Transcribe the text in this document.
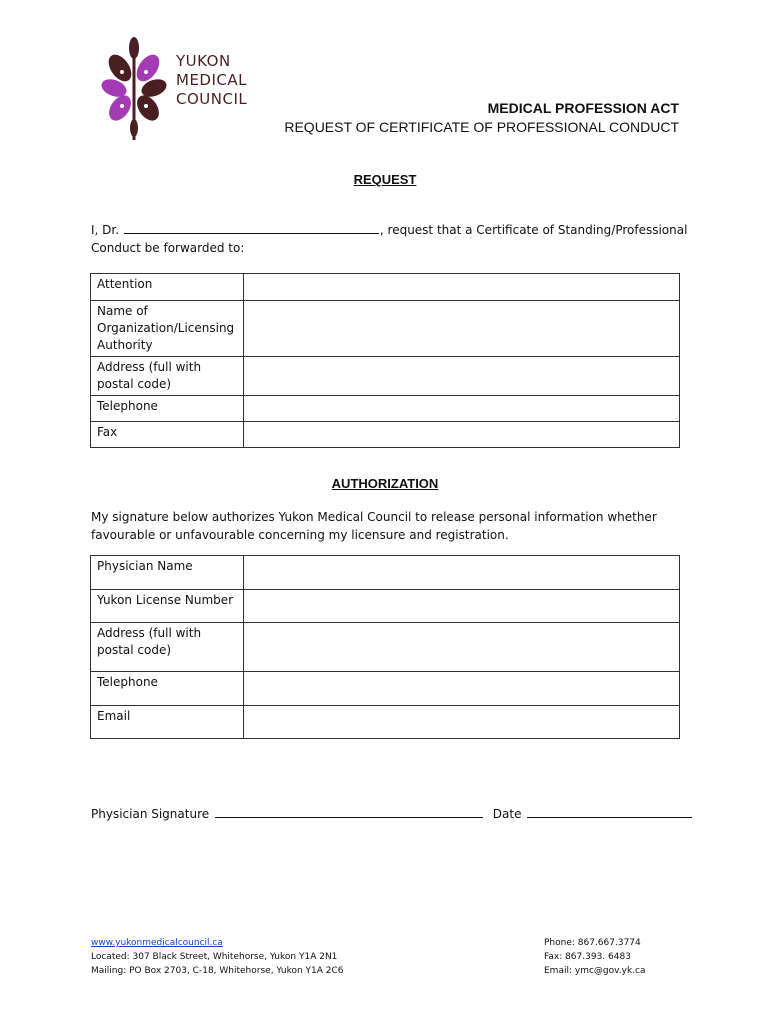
YUKON
MEDICAL
COUNCIL	MEDICAL PROFESSION ACT
REQUEST OF CERTIFICATE OF PROFESSIONAL CONDUCT
REQUEST
I, Dr.	, request that a Certificate of Standing/Professional
Conduct be forwarded to:
Attention	
Name of Organization/Licensing Authority	
Address (full with postal code)	
Telephone	
Fax	
AUTHORIZATION
My signature below authorizes Yukon Medical Council to release personal information whether
favourable or unfavourable concerning my licensure and registration.
Physician Name	
Yukon License Number	
Address (full with postal code)	
Telephone	
Email	
Physician Signature	Date
www.yukonmedicalcouncil.ca
Located: 307 Black Street, Whitehorse, Yukon Y1A 2N1
Mailing: PO Box 2703, C-18, Whitehorse, Yukon Y1A 2C6
Phone: 867.667.3774
Fax: 867.393. 6483
Email: ymc@gov.yk.ca
